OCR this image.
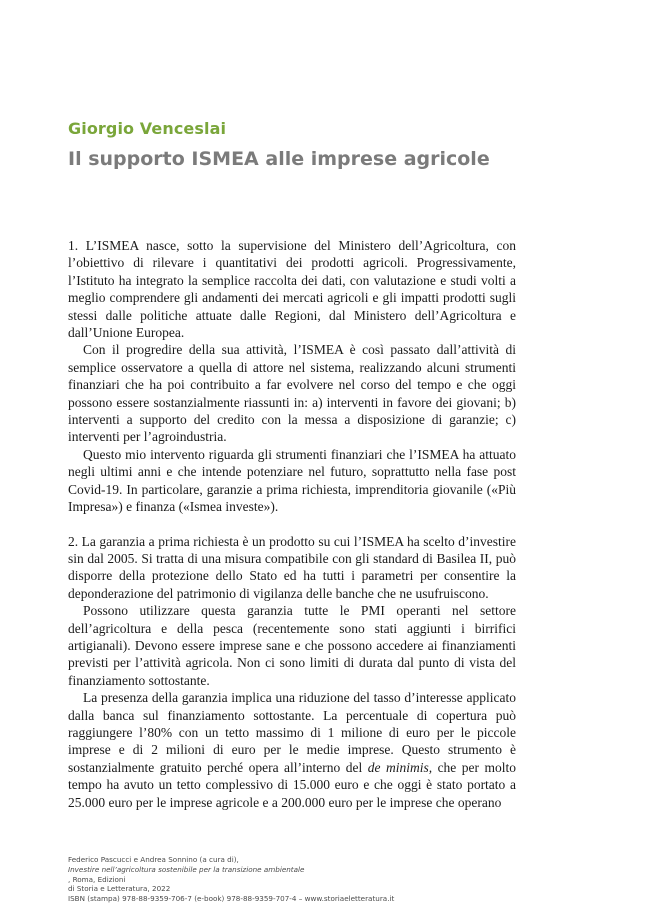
Giorgio Venceslai
Il supporto ISMEA alle imprese agricole

1. L’ISMEA nasce, sotto la supervisione del Ministero dell’Agricoltura, con l’obiettivo di rilevare i quantitativi dei prodotti agricoli. Progressivamente, l’Istituto ha integrato la semplice raccolta dei dati, con valutazione e studi volti a meglio comprendere gli andamenti dei mercati agricoli e gli impatti prodotti sugli stessi dalle politiche attuate dalle Regioni, dal Ministero dell’Agricoltura e dall’Unione Europea.

Con il progredire della sua attività, l’ISMEA è così passato dall’attività di semplice osservatore a quella di attore nel sistema, realizzando alcuni strumenti finanziari che ha poi contribuito a far evolvere nel corso del tempo e che oggi possono essere sostanzialmente riassunti in: a) interventi in favore dei giovani; b) interventi a supporto del credito con la messa a disposizione di garanzie; c) interventi per l’agroindustria.

Questo mio intervento riguarda gli strumenti finanziari che l’ISMEA ha attuato negli ultimi anni e che intende potenziare nel futuro, soprattutto nella fase post Covid-19. In particolare, garanzie a prima richiesta, imprenditoria giovanile («Più Impresa») e finanza («Ismea investe»).

2. La garanzia a prima richiesta è un prodotto su cui l’ISMEA ha scelto d’investire sin dal 2005. Si tratta di una misura compatibile con gli standard di Basilea II, può disporre della protezione dello Stato ed ha tutti i parametri per consentire la deponderazione del patrimonio di vigilanza delle banche che ne usufruiscono.

Possono utilizzare questa garanzia tutte le PMI operanti nel settore dell’agricoltura e della pesca (recentemente sono stati aggiunti i birrifici artigianali). Devono essere imprese sane e che possono accedere ai finanziamenti previsti per l’attività agricola. Non ci sono limiti di durata dal punto di vista del finanziamento sottostante.

La presenza della garanzia implica una riduzione del tasso d’interesse applicato dalla banca sul finanziamento sottostante. La percentuale di copertura può raggiungere l’80% con un tetto massimo di 1 milione di euro per le piccole imprese e di 2 milioni di euro per le medie imprese. Questo strumento è sostanzialmente gratuito perché opera all’interno del de minimis, che per molto tempo ha avuto un tetto complessivo di 15.000 euro e che oggi è stato portato a 25.000 euro per le imprese agricole e a 200.000 euro per le imprese che operano

Federico Pascucci e Andrea Sonnino (a cura di),
Investire nell’agricoltura sostenibile per la transizione ambientale
, Roma, Edizioni
di Storia e Letteratura, 2022
ISBN (stampa) 978-88-9359-706-7 (e-book) 978-88-9359-707-4 – www.storiaeletteratura.it
